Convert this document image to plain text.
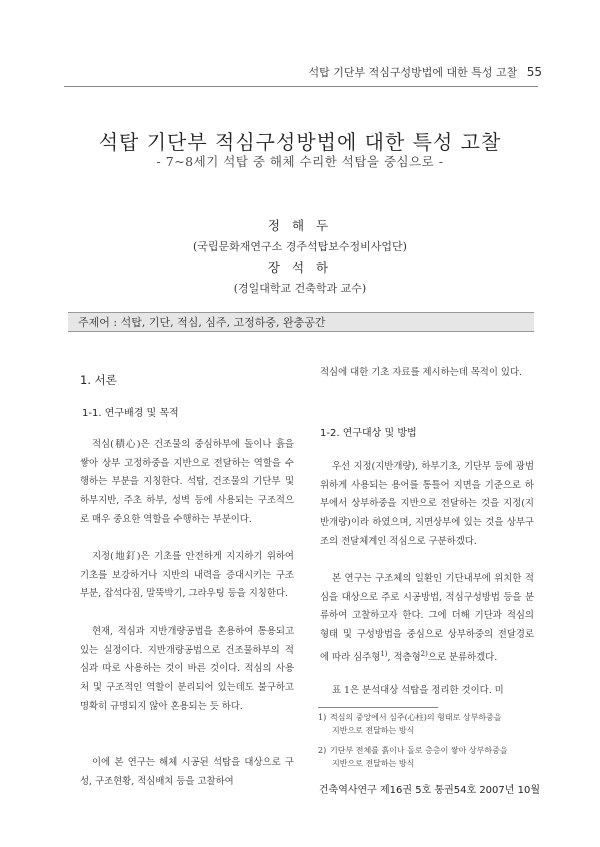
석탑 기단부 적심구성방법에 대한 특성 고찰 55
석탑 기단부 적심구성방법에 대한 특성 고찰
- 7~8세기 석탑 중 해체 수리한 석탑을 중심으로 -
정 해 두
(국립문화재연구소 경주석탑보수정비사업단)
장 석 하
(경일대학교 건축학과 교수)
주제어 : 석탑, 기단, 적심, 심주, 고정하중, 완충공간
1. 서론
1-1. 연구배경 및 목적
적심(積心)은 건조물의 중심하부에 돌이나 흙을 쌓아 상부 고정하중을 지반으로 전달하는 역할을 수행하는 부분을 지칭한다. 석탑, 건조물의 기단부 및 하부지반, 주초 하부, 성벽 등에 사용되는 구조적으로 매우 중요한 역할을 수행하는 부분이다.
지정(地釘)은 기초를 안전하게 지지하기 위하여 기초를 보강하거나 지반의 내력을 증대시키는 구조부분, 잡석다짐, 말뚝박기, 그라우팅 등을 지칭한다.
현재, 적심과 지반개량공법을 혼용하여 통용되고 있는 실정이다. 지반개량공법으로 건조물하부의 적심과 따로 사용하는 것이 바른 것이다. 적심의 사용처 및 구조적인 역할이 분리되어 있는데도 불구하고 명확히 규명되지 않아 혼용되는 듯 하다.
이에 본 연구는 해체 시공된 석탑을 대상으로 구성, 구조현황, 적심배치 등을 고찰하여
적심에 대한 기초 자료를 제시하는데 목적이 있다.
1-2. 연구대상 및 방법
우선 지정(지반개량), 하부기초, 기단부 등에 광범위하게 사용되는 용어를 통틀어 지면을 기준으로 하부에서 상부하중을 지반으로 전달하는 것을 지정(지반개량)이라 하였으며, 지면상부에 있는 것을 상부구조의 전달체계인 적심으로 구분하겠다.
본 연구는 구조체의 일환인 기단내부에 위치한 적심을 대상으로 주로 시공방법, 적심구성방법 등을 분류하여 고찰하고자 한다. 그에 더해 기단과 적심의 형태 및 구성방법을 중심으로 상부하중의 전달경로에 따라 심주형$^{1)}$, 적층형$^{2)}$으로 분류하겠다.
표 1은 분석대상 석탑을 정리한 것이다. 미
1) 적심의 중앙에서 심주(心柱)의 형태로 상부하중을
지반으로 전달하는 방식
2) 기단부 전체를 흙이나 돌로 층층이 쌓아 상부하중을
지반으로 전달하는 방식
건축역사연구 제16권 5호 통권54호 2007년 10월
